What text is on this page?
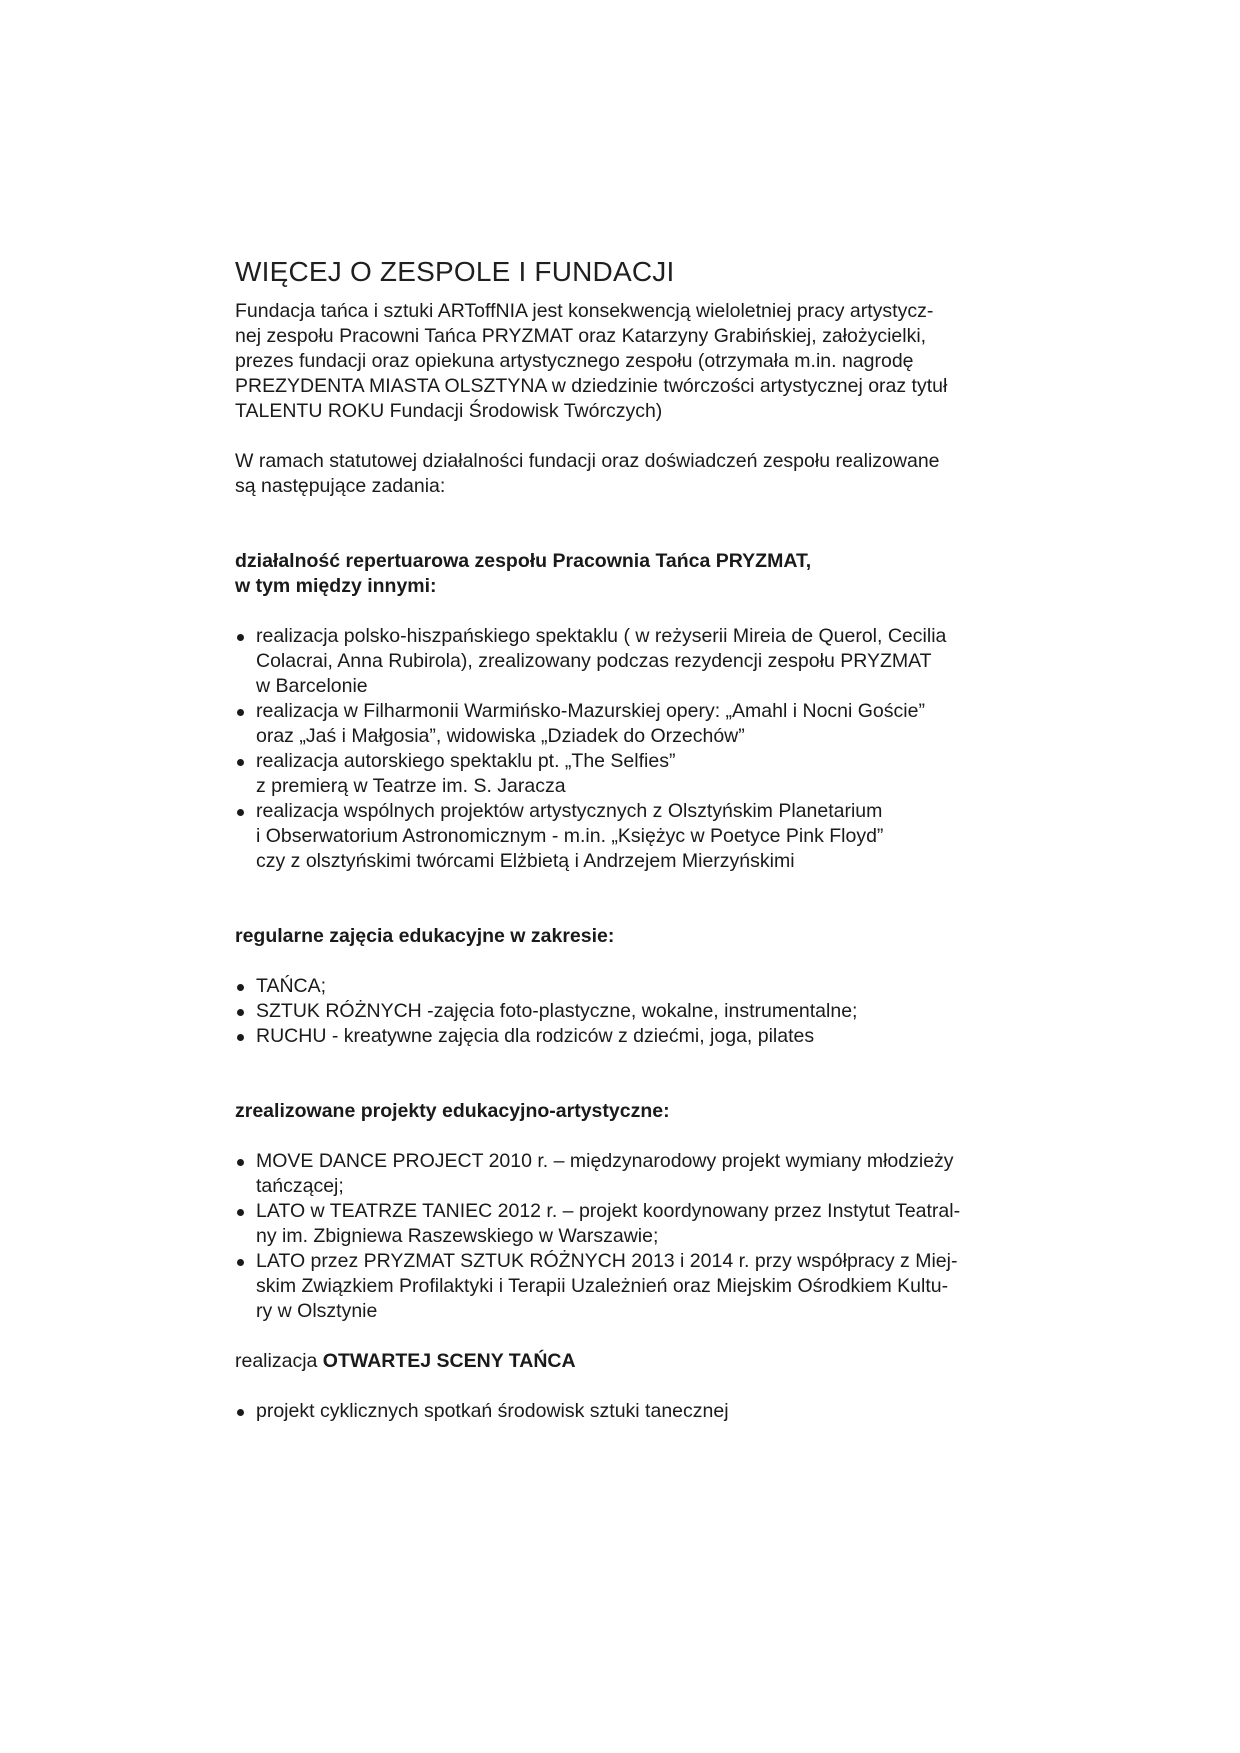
WIĘCEJ O ZESPOLE I FUNDACJI

Fundacja tańca i sztuki ARToffNIA jest konsekwencją wieloletniej pracy artystycz-
nej zespołu Pracowni Tańca PRYZMAT oraz Katarzyny Grabińskiej, założycielki,
prezes fundacji oraz opiekuna artystycznego zespołu (otrzymała m.in. nagrodę
PREZYDENTA MIASTA OLSZTYNA w dziedzinie twórczości artystycznej oraz tytuł
TALENTU ROKU Fundacji Środowisk Twórczych)

W ramach statutowej działalności fundacji oraz doświadczeń zespołu realizowane
są następujące zadania:

działalność repertuarowa zespołu Pracownia Tańca PRYZMAT,
w tym między innymi:
realizacja polsko-hiszpańskiego spektaklu ( w reżyserii Mireia de Querol, Cecilia
Colacrai, Anna Rubirola), zrealizowany podczas rezydencji zespołu PRYZMAT
w Barcelonie
realizacja w Filharmonii Warmińsko-Mazurskiej opery: „Amahl i Nocni Goście”
oraz „Jaś i Małgosia”, widowiska „Dziadek do Orzechów”
realizacja autorskiego spektaklu pt. „The Selfies”
z premierą w Teatrze im. S. Jaracza
realizacja wspólnych projektów artystycznych z Olsztyńskim Planetarium
i Obserwatorium Astronomicznym - m.in. „Księżyc w Poetyce Pink Floyd”
czy z olsztyńskimi twórcami Elżbietą i Andrzejem Mierzyńskimi
regularne zajęcia edukacyjne w zakresie:
TAŃCA;
SZTUK RÓŻNYCH -zajęcia foto-plastyczne, wokalne, instrumentalne;
RUCHU - kreatywne zajęcia dla rodziców z dziećmi, joga, pilates
zrealizowane projekty edukacyjno-artystyczne:
MOVE DANCE PROJECT 2010 r. – międzynarodowy projekt wymiany młodzieży
tańczącej;
LATO w TEATRZE TANIEC 2012 r. – projekt koordynowany przez Instytut Teatral-
ny im. Zbigniewa Raszewskiego w Warszawie;
LATO przez PRYZMAT SZTUK RÓŻNYCH 2013 i 2014 r. przy współpracy z Miej-
skim Związkiem Profilaktyki i Terapii Uzależnień oraz Miejskim Ośrodkiem Kultu-
ry w Olsztynie
realizacja OTWARTEJ SCENY TAŃCA
projekt cyklicznych spotkań środowisk sztuki tanecznej
